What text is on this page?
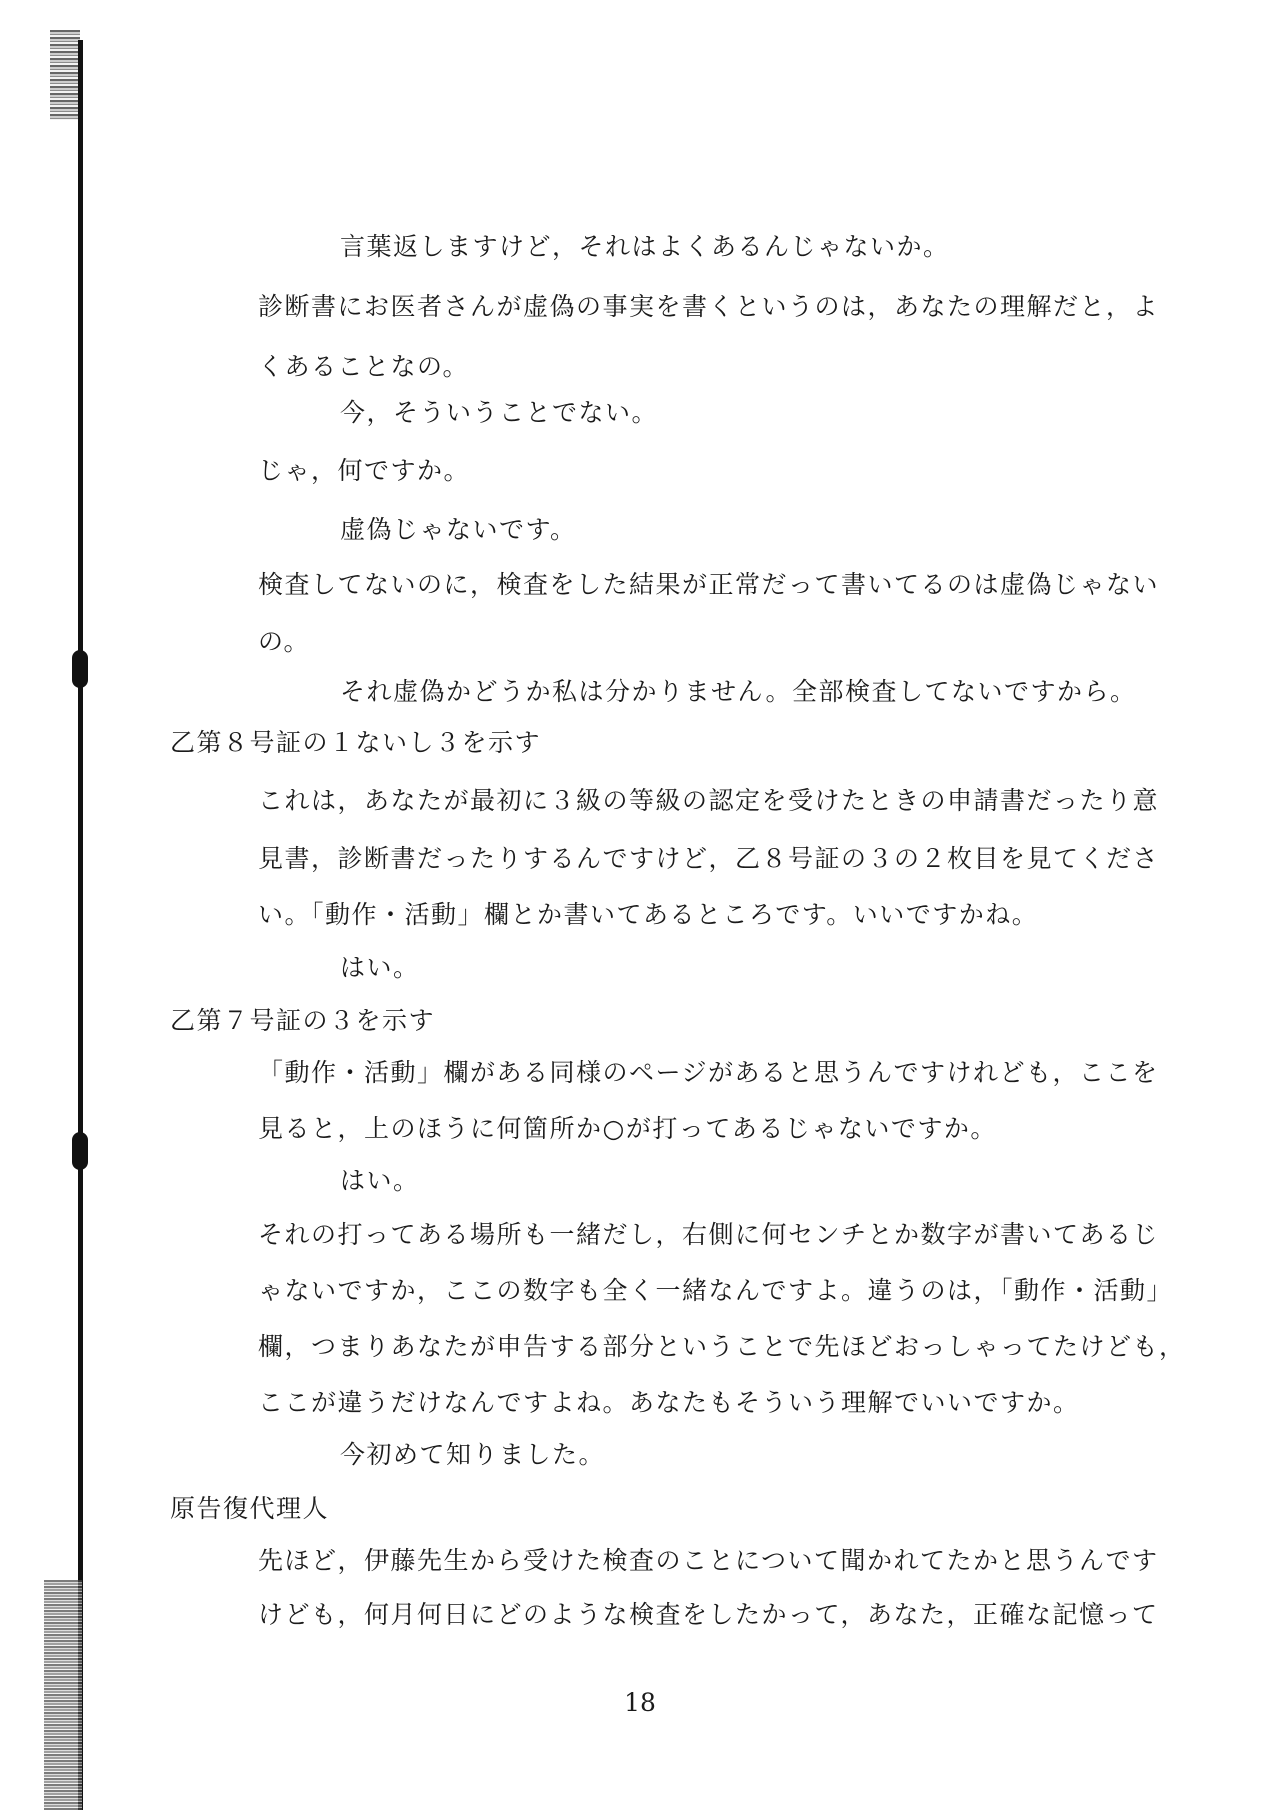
言葉返しますけど，それはよくあるんじゃないか。
診断書にお医者さんが虚偽の事実を書くというのは，あなたの理解だと，よ
くあることなの。
今，そういうことでない。
じゃ，何ですか。
虚偽じゃないです。
検査してないのに，検査をした結果が正常だって書いてるのは虚偽じゃない
の。
それ虚偽かどうか私は分かりません。全部検査してないですから。
乙第８号証の１ないし３を示す
これは，あなたが最初に３級の等級の認定を受けたときの申請書だったり意
見書，診断書だったりするんですけど，乙８号証の３の２枚目を見てくださ
い。「動作・活動」欄とか書いてあるところです。いいですかね。
はい。
乙第７号証の３を示す
「動作・活動」欄がある同様のページがあると思うんですけれども，ここを
見ると，上のほうに何箇所か○が打ってあるじゃないですか。
はい。
それの打ってある場所も一緒だし，右側に何センチとか数字が書いてあるじ
ゃないですか，ここの数字も全く一緒なんですよ。違うのは，「動作・活動」
欄，つまりあなたが申告する部分ということで先ほどおっしゃってたけども，
ここが違うだけなんですよね。あなたもそういう理解でいいですか。
今初めて知りました。
原告復代理人
先ほど，伊藤先生から受けた検査のことについて聞かれてたかと思うんです
けども，何月何日にどのような検査をしたかって，あなた，正確な記憶って
18
